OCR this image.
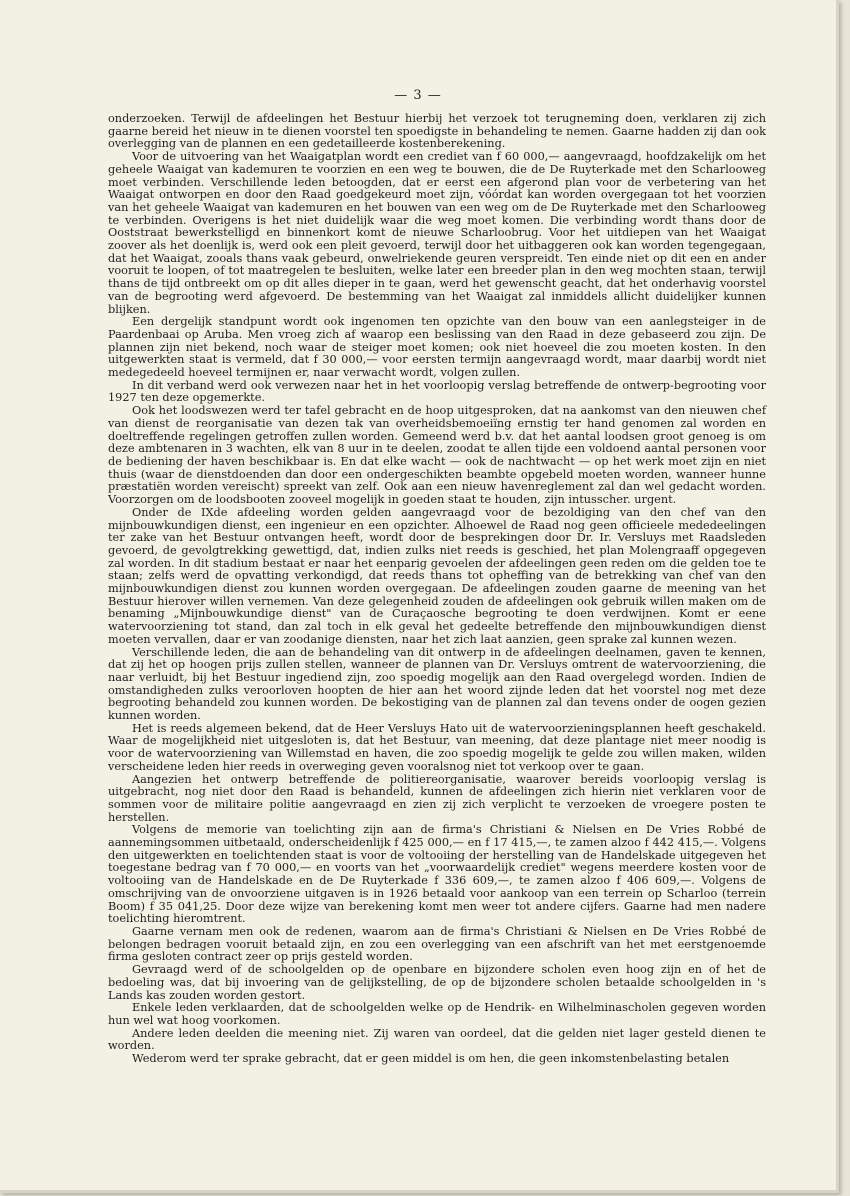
— 3 —

onderzoeken. Terwijl de afdeelingen het Bestuur hierbij het verzoek tot terugneming doen, verklaren zij zich gaarne bereid het nieuw in te dienen voorstel ten spoedigste in behandeling te nemen. Gaarne hadden zij dan ook overlegging van de plannen en een gedetailleerde kostenberekening.

Voor de uitvoering van het Waaigatplan wordt een crediet van f 60 000,— aangevraagd, hoofdzakelijk om het geheele Waaigat van kademuren te voorzien en een weg te bouwen, die de De Ruyterkade met den Scharlooweg moet verbinden. Verschillende leden betoogden, dat er eerst een afgerond plan voor de verbetering van het Waaigat ontworpen en door den Raad goedgekeurd moet zijn, vóórdat kan worden overgegaan tot het voorzien van het geheele Waaigat van kademuren en het bouwen van een weg om de De Ruyterkade met den Scharlooweg te verbinden. Overigens is het niet duidelijk waar die weg moet komen. Die verbinding wordt thans door de Ooststraat bewerkstelligd en binnenkort komt de nieuwe Scharloobrug. Voor het uitdiepen van het Waaigat zoover als het doenlijk is, werd ook een pleit gevoerd, terwijl door het uitbaggeren ook kan worden tegengegaan, dat het Waaigat, zooals thans vaak gebeurd, onwelriekende geuren verspreidt. Ten einde niet op dit een en ander vooruit te loopen, of tot maatregelen te besluiten, welke later een breeder plan in den weg mochten staan, terwijl thans de tijd ontbreekt om op dit alles dieper in te gaan, werd het gewenscht geacht, dat het onderhavig voorstel van de begrooting werd afgevoerd. De bestemming van het Waaigat zal inmiddels allicht duidelijker kunnen blijken.

Een dergelijk standpunt wordt ook ingenomen ten opzichte van den bouw van een aanlegsteiger in de Paardenbaai op Aruba. Men vroeg zich af waarop een beslissing van den Raad in deze gebaseerd zou zijn. De plannen zijn niet bekend, noch waar de steiger moet komen; ook niet hoeveel die zou moeten kosten. In den uitgewerkten staat is vermeld, dat f 30 000,— voor eersten termijn aangevraagd wordt, maar daarbij wordt niet medegedeeld hoeveel termijnen er, naar verwacht wordt, volgen zullen.

In dit verband werd ook verwezen naar het in het voorloopig verslag betreffende de ontwerp-begrooting voor 1927 ten deze opgemerkte.

Ook het loodswezen werd ter tafel gebracht en de hoop uitgesproken, dat na aankomst van den nieuwen chef van dienst de reorganisatie van dezen tak van overheidsbemoeiïng ernstig ter hand genomen zal worden en doeltreffende regelingen getroffen zullen worden. Gemeend werd b.v. dat het aantal loodsen groot genoeg is om deze ambtenaren in 3 wachten, elk van 8 uur in te deelen, zoodat te allen tijde een voldoend aantal personen voor de bediening der haven beschikbaar is. En dat elke wacht — ook de nachtwacht — op het werk moet zijn en niet thuis (waar de dienstdoenden dan door een ondergeschikten beambte opgebeld moeten worden, wanneer hunne præstatiën worden vereischt) spreekt van zelf. Ook aan een nieuw havenreglement zal dan wel gedacht worden. Voorzorgen om de loodsbooten zooveel mogelijk in goeden staat te houden, zijn intusscher. urgent.

Onder de IXde afdeeling worden gelden aangevraagd voor de bezoldiging van den chef van den mijnbouwkundigen dienst, een ingenieur en een opzichter. Alhoewel de Raad nog geen officieele mededeelingen ter zake van het Bestuur ontvangen heeft, wordt door de besprekingen door Dr. Ir. Versluys met Raadsleden gevoerd, de gevolgtrekking gewettigd, dat, indien zulks niet reeds is geschied, het plan Molengraaff opgegeven zal worden. In dit stadium bestaat er naar het eenparig gevoelen der afdeelingen geen reden om die gelden toe te staan; zelfs werd de opvatting verkondigd, dat reeds thans tot opheffing van de betrekking van chef van den mijnbouwkundigen dienst zou kunnen worden overgegaan. De afdeelingen zouden gaarne de meening van het Bestuur hierover willen vernemen. Van deze gelegenheid zouden de afdeelingen ook gebruik willen maken om de benaming „Mijnbouwkundige dienst" van de Curaçaosche begrooting te doen verdwijnen. Komt er eene watervoorziening tot stand, dan zal toch in elk geval het gedeelte betreffende den mijnbouwkundigen dienst moeten vervallen, daar er van zoodanige diensten, naar het zich laat aanzien, geen sprake zal kunnen wezen.

Verschillende leden, die aan de behandeling van dit ontwerp in de afdeelingen deelnamen, gaven te kennen, dat zij het op hoogen prijs zullen stellen, wanneer de plannen van Dr. Versluys omtrent de watervoorziening, die naar verluidt, bij het Bestuur ingediend zijn, zoo spoedig mogelijk aan den Raad overgelegd worden. Indien de omstandigheden zulks veroorloven hoopten de hier aan het woord zijnde leden dat het voorstel nog met deze begrooting behandeld zou kunnen worden. De bekostiging van de plannen zal dan tevens onder de oogen gezien kunnen worden.

Het is reeds algemeen bekend, dat de Heer Versluys Hato uit de watervoorzieningsplannen heeft geschakeld. Waar de mogelijkheid niet uitgesloten is, dat het Bestuur, van meening, dat deze plantage niet meer noodig is voor de watervoorziening van Willemstad en haven, die zoo spoedig mogelijk te gelde zou willen maken, wilden verscheidene leden hier reeds in overweging geven vooralsnog niet tot verkoop over te gaan.

Aangezien het ontwerp betreffende de politiereorganisatie, waarover bereids voorloopig verslag is uitgebracht, nog niet door den Raad is behandeld, kunnen de afdeelingen zich hierin niet verklaren voor de sommen voor de militaire politie aangevraagd en zien zij zich verplicht te verzoeken de vroegere posten te herstellen.

Volgens de memorie van toelichting zijn aan de firma's Christiani & Nielsen en De Vries Robbé de aannemingsommen uitbetaald, onderscheidenlijk f 425 000,— en f 17 415,—, te zamen alzoo f 442 415,—. Volgens den uitgewerkten en toelichtenden staat is voor de voltooiing der herstelling van de Handelskade uitgegeven het toegestane bedrag van f 70 000,— en voorts van het „voorwaardelijk crediet" wegens meerdere kosten voor de voltooiing van de Handelskade en de De Ruyterkade f 336 609,—, te zamen alzoo f 406 609,—. Volgens de omschrijving van de onvoorziene uitgaven is in 1926 betaald voor aankoop van een terrein op Scharloo (terrein Boom) f 35 041,25. Door deze wijze van berekening komt men weer tot andere cijfers. Gaarne had men nadere toelichting hieromtrent.

Gaarne vernam men ook de redenen, waarom aan de firma's Christiani & Nielsen en De Vries Robbé de belongen bedragen vooruit betaald zijn, en zou een overlegging van een afschrift van het met eerstgenoemde firma gesloten contract zeer op prijs gesteld worden.

Gevraagd werd of de schoolgelden op de openbare en bijzondere scholen even hoog zijn en of het de bedoeling was, dat bij invoering van de gelijkstelling, de op de bijzondere scholen betaalde schoolgelden in 's Lands kas zouden worden gestort.

Enkele leden verklaarden, dat de schoolgelden welke op de Hendrik- en Wilhelminascholen gegeven worden hun wel wat hoog voorkomen.

Andere leden deelden die meening niet. Zij waren van oordeel, dat die gelden niet lager gesteld dienen te worden.

Wederom werd ter sprake gebracht, dat er geen middel is om hen, die geen inkomstenbelasting betalen
